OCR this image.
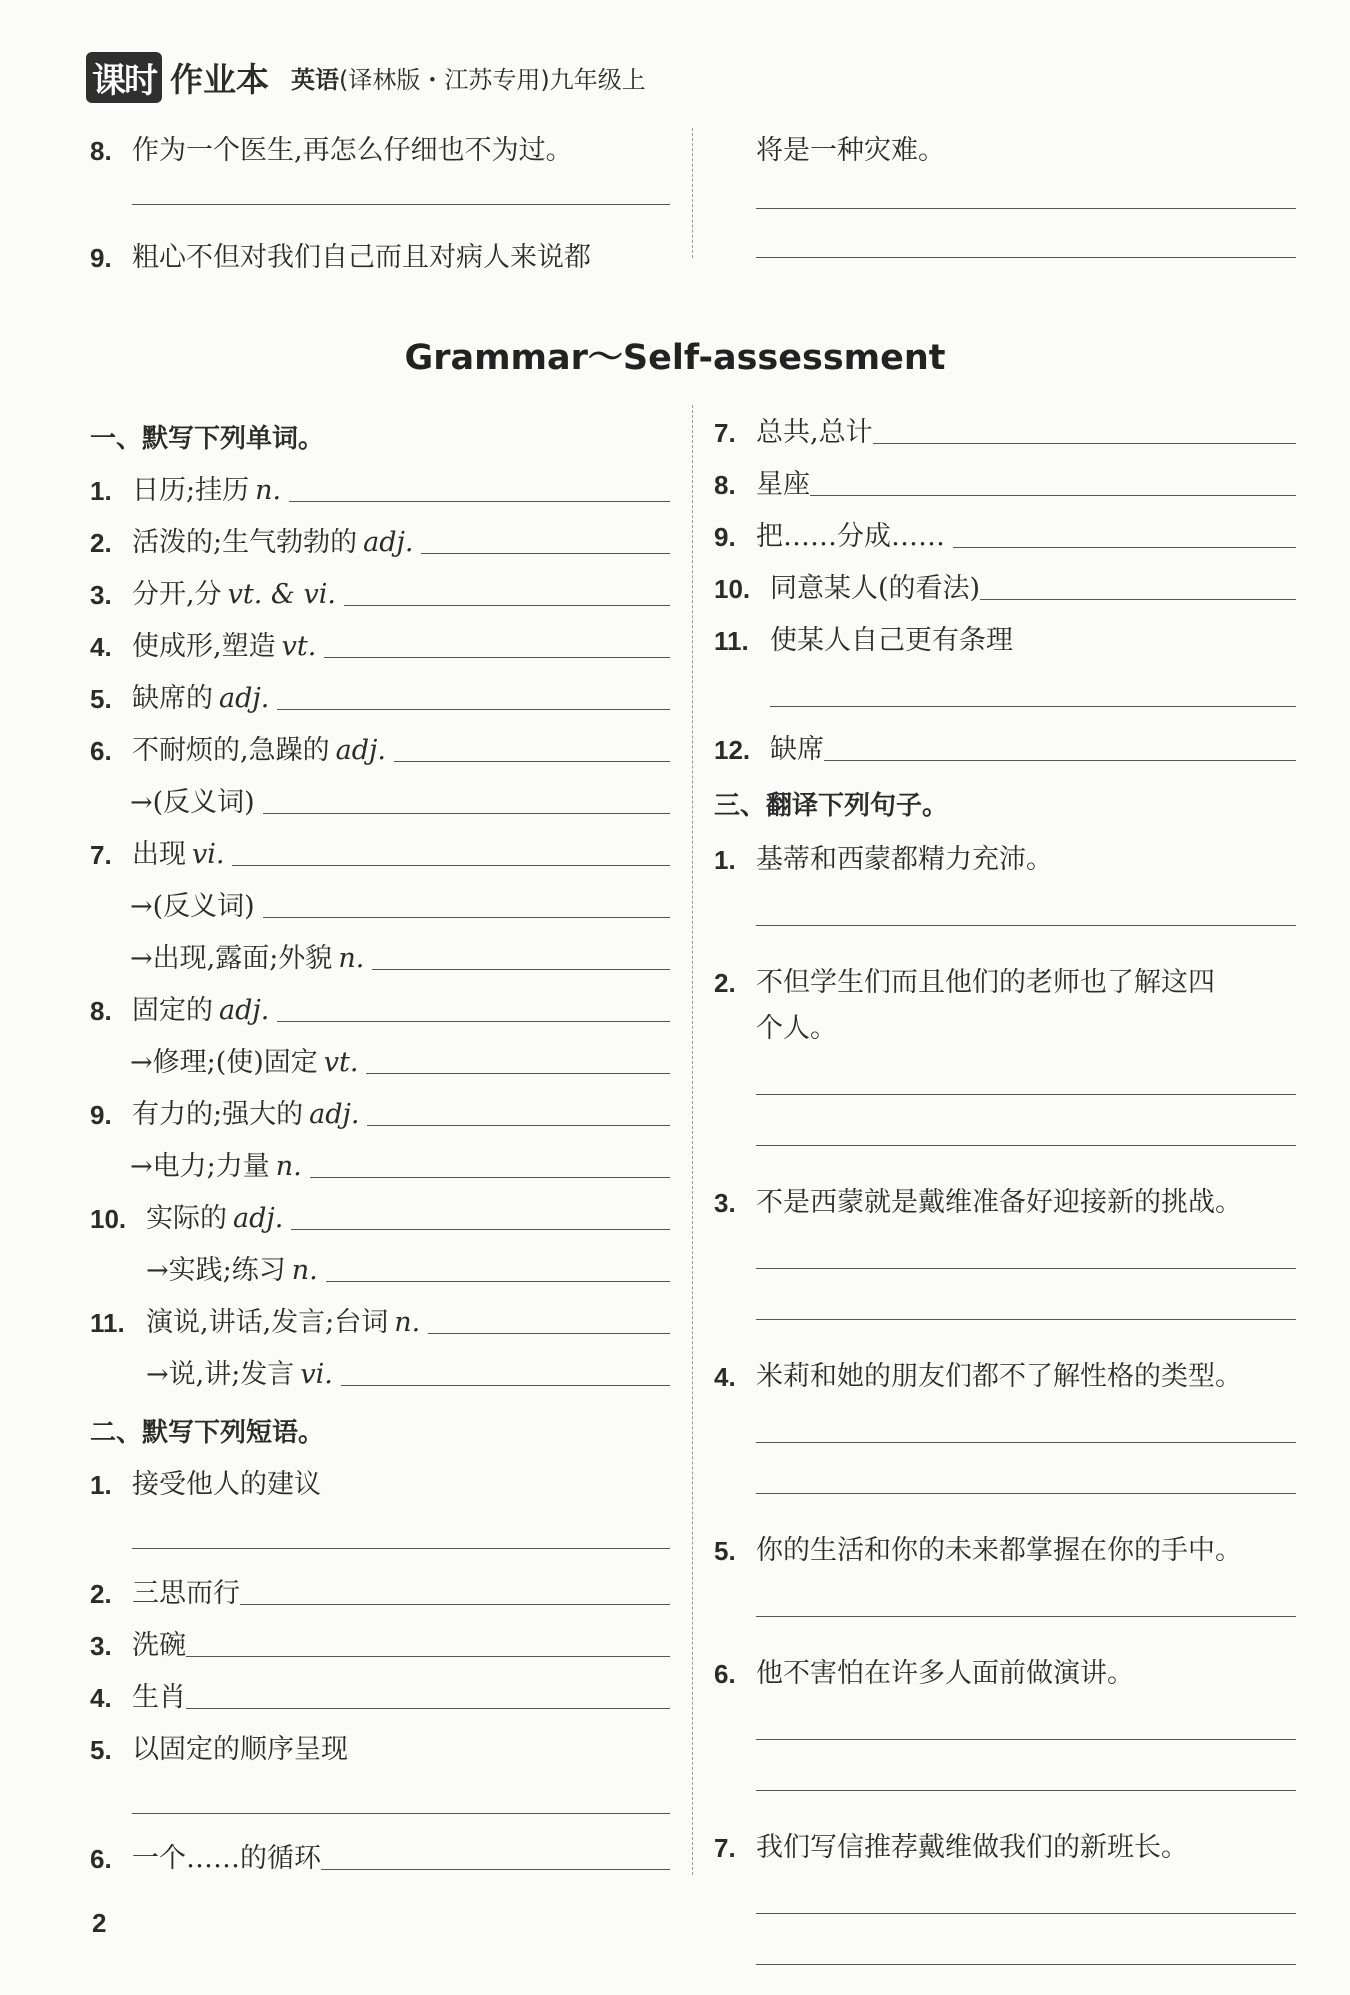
课时 作业本 英语(译林版・江苏专用)九年级上
8. 作为一个医生,再怎么仔细也不为过。
9. 粗心不但对我们自己而且对病人来说都
将是一种灾难。
Grammar～Self-assessment
一、默写下列单词。
1. 日历;挂历 n.
2. 活泼的;生气勃勃的 adj.
3. 分开,分 vt. & vi.
4. 使成形,塑造 vt.
5. 缺席的 adj.
6. 不耐烦的,急躁的 adj.
→(反义词)
7. 出现 vi.
→(反义词)
→出现,露面;外貌 n.
8. 固定的 adj.
→修理;(使)固定 vt.
9. 有力的;强大的 adj.
→电力;力量 n.
10. 实际的 adj.
→实践;练习 n.
11. 演说,讲话,发言;台词 n.
→说,讲;发言 vi.
二、默写下列短语。
1. 接受他人的建议
2. 三思而行
3. 洗碗
4. 生肖
5. 以固定的顺序呈现
6. 一个……的循环
7. 总共,总计
8. 星座
9. 把……分成……
10. 同意某人(的看法)
11. 使某人自己更有条理
12. 缺席
三、翻译下列句子。
1. 基蒂和西蒙都精力充沛。
2. 不但学生们而且他们的老师也了解这四
个人。
3. 不是西蒙就是戴维准备好迎接新的挑战。
4. 米莉和她的朋友们都不了解性格的类型。
5. 你的生活和你的未来都掌握在你的手中。
6. 他不害怕在许多人面前做演讲。
7. 我们写信推荐戴维做我们的新班长。
2
